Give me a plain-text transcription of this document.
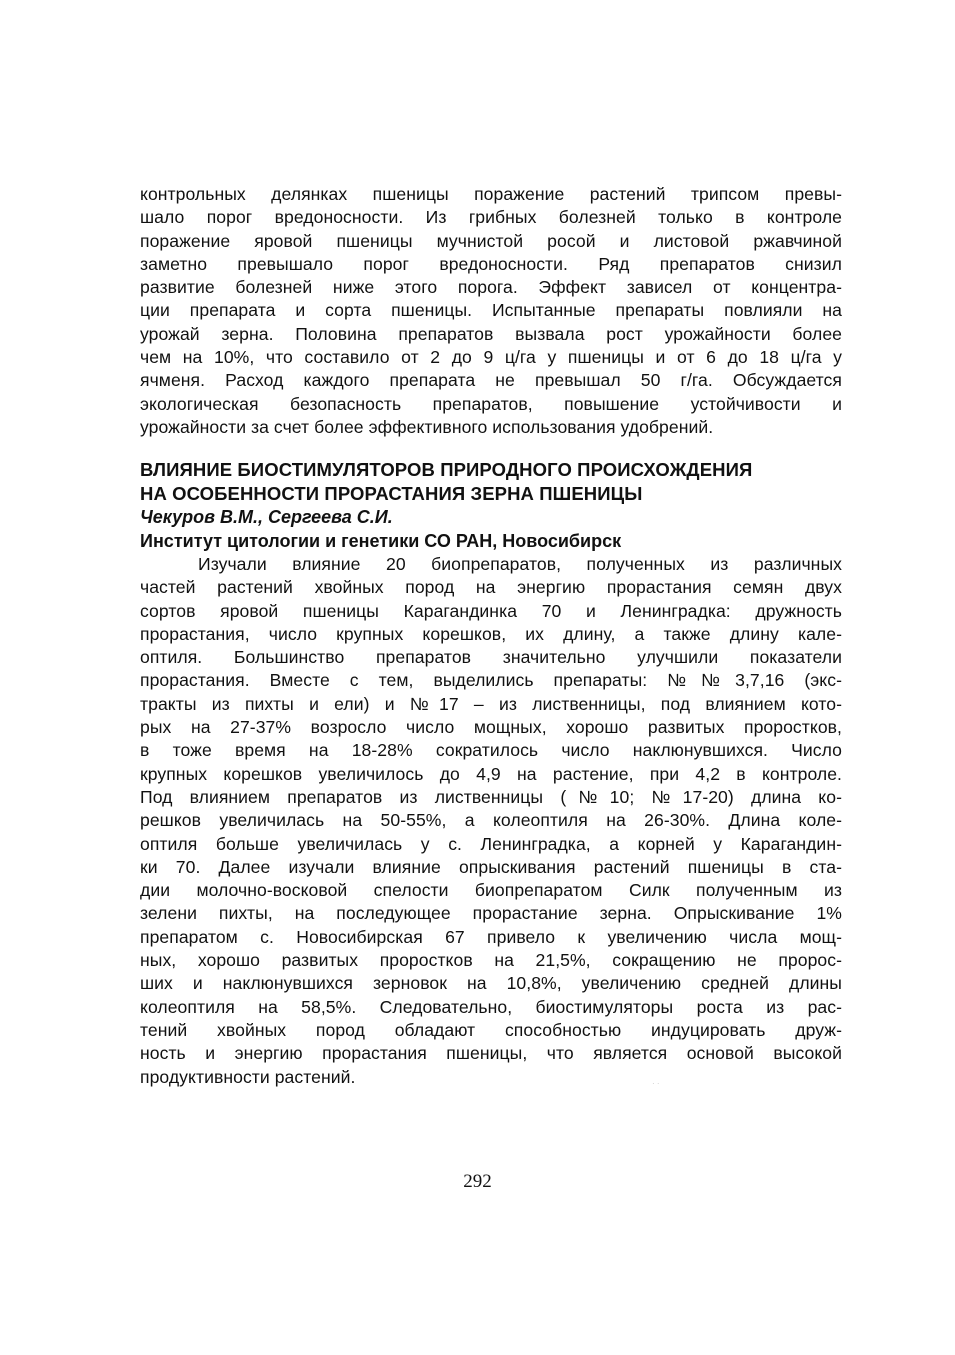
контрольных делянках пшеницы поражение растений трипсом превы-
шало порог вредоносности. Из грибных болезней только в контроле
поражение яровой пшеницы мучнистой росой и листовой ржавчиной
заметно превышало порог вредоносности. Ряд препаратов снизил
развитие болезней ниже этого порога. Эффект зависел от концентра-
ции препарата и сорта пшеницы. Испытанные препараты повлияли на
урожай зерна. Половина препаратов вызвала рост урожайности более
чем на 10%, что составило от 2 до 9 ц/га у пшеницы и от 6 до 18 ц/га у
ячменя. Расход каждого препарата не превышал 50 г/га. Обсуждается
экологическая безопасность препаратов, повышение устойчивости и
урожайности за счет более эффективного использования удобрений.
ВЛИЯНИЕ БИОСТИМУЛЯТОРОВ ПРИРОДНОГО ПРОИСХОЖДЕНИЯ
НА ОСОБЕННОСТИ ПРОРАСТАНИЯ ЗЕРНА ПШЕНИЦЫ
Чекуров В.М., Сергеева С.И.
Институт цитологии и генетики СО РАН, Новосибирск
Изучали влияние 20 биопрепаратов, полученных из различных
частей растений хвойных пород на энергию прорастания семян двух
сортов яровой пшеницы Карагандинка 70 и Ленинградка: дружность
прорастания, число крупных корешков, их длину, а также длину кале-
оптиля. Большинство препаратов значительно улучшили показатели
прорастания. Вместе с тем, выделились препараты: №№3,7,16 (экс-
тракты из пихты и ели) и №17 – из лиственницы, под влиянием кото-
рых на 27-37% возросло число мощных, хорошо развитых проростков,
в тоже время на 18-28% сократилось число наклюнувшихся. Число
крупных корешков увеличилось до 4,9 на растение, при 4,2 в контроле.
Под влиянием препаратов из лиственницы (№10; №17-20) длина ко-
решков увеличилась на 50-55%, а колеоптиля на 26-30%. Длина коле-
оптиля больше увеличилась у с. Ленинградка, а корней у Карагандин-
ки 70. Далее изучали влияние опрыскивания растений пшеницы в ста-
дии молочно-восковой спелости биопрепаратом Силк полученным из
зелени пихты, на последующее прорастание зерна. Опрыскивание 1%
препаратом с. Новосибирская 67 привело к увеличению числа мощ-
ных, хорошо развитых проростков на 21,5%, сокращению не пророс-
ших и наклюнувшихся зерновок на 10,8%, увеличению средней длины
колеоптиля на 58,5%. Следовательно, биостимуляторы роста из рас-
тений хвойных пород обладают способностью индуцировать друж-
ность и энергию прорастания пшеницы, что является основой высокой
продуктивности растений.	· ·
292
